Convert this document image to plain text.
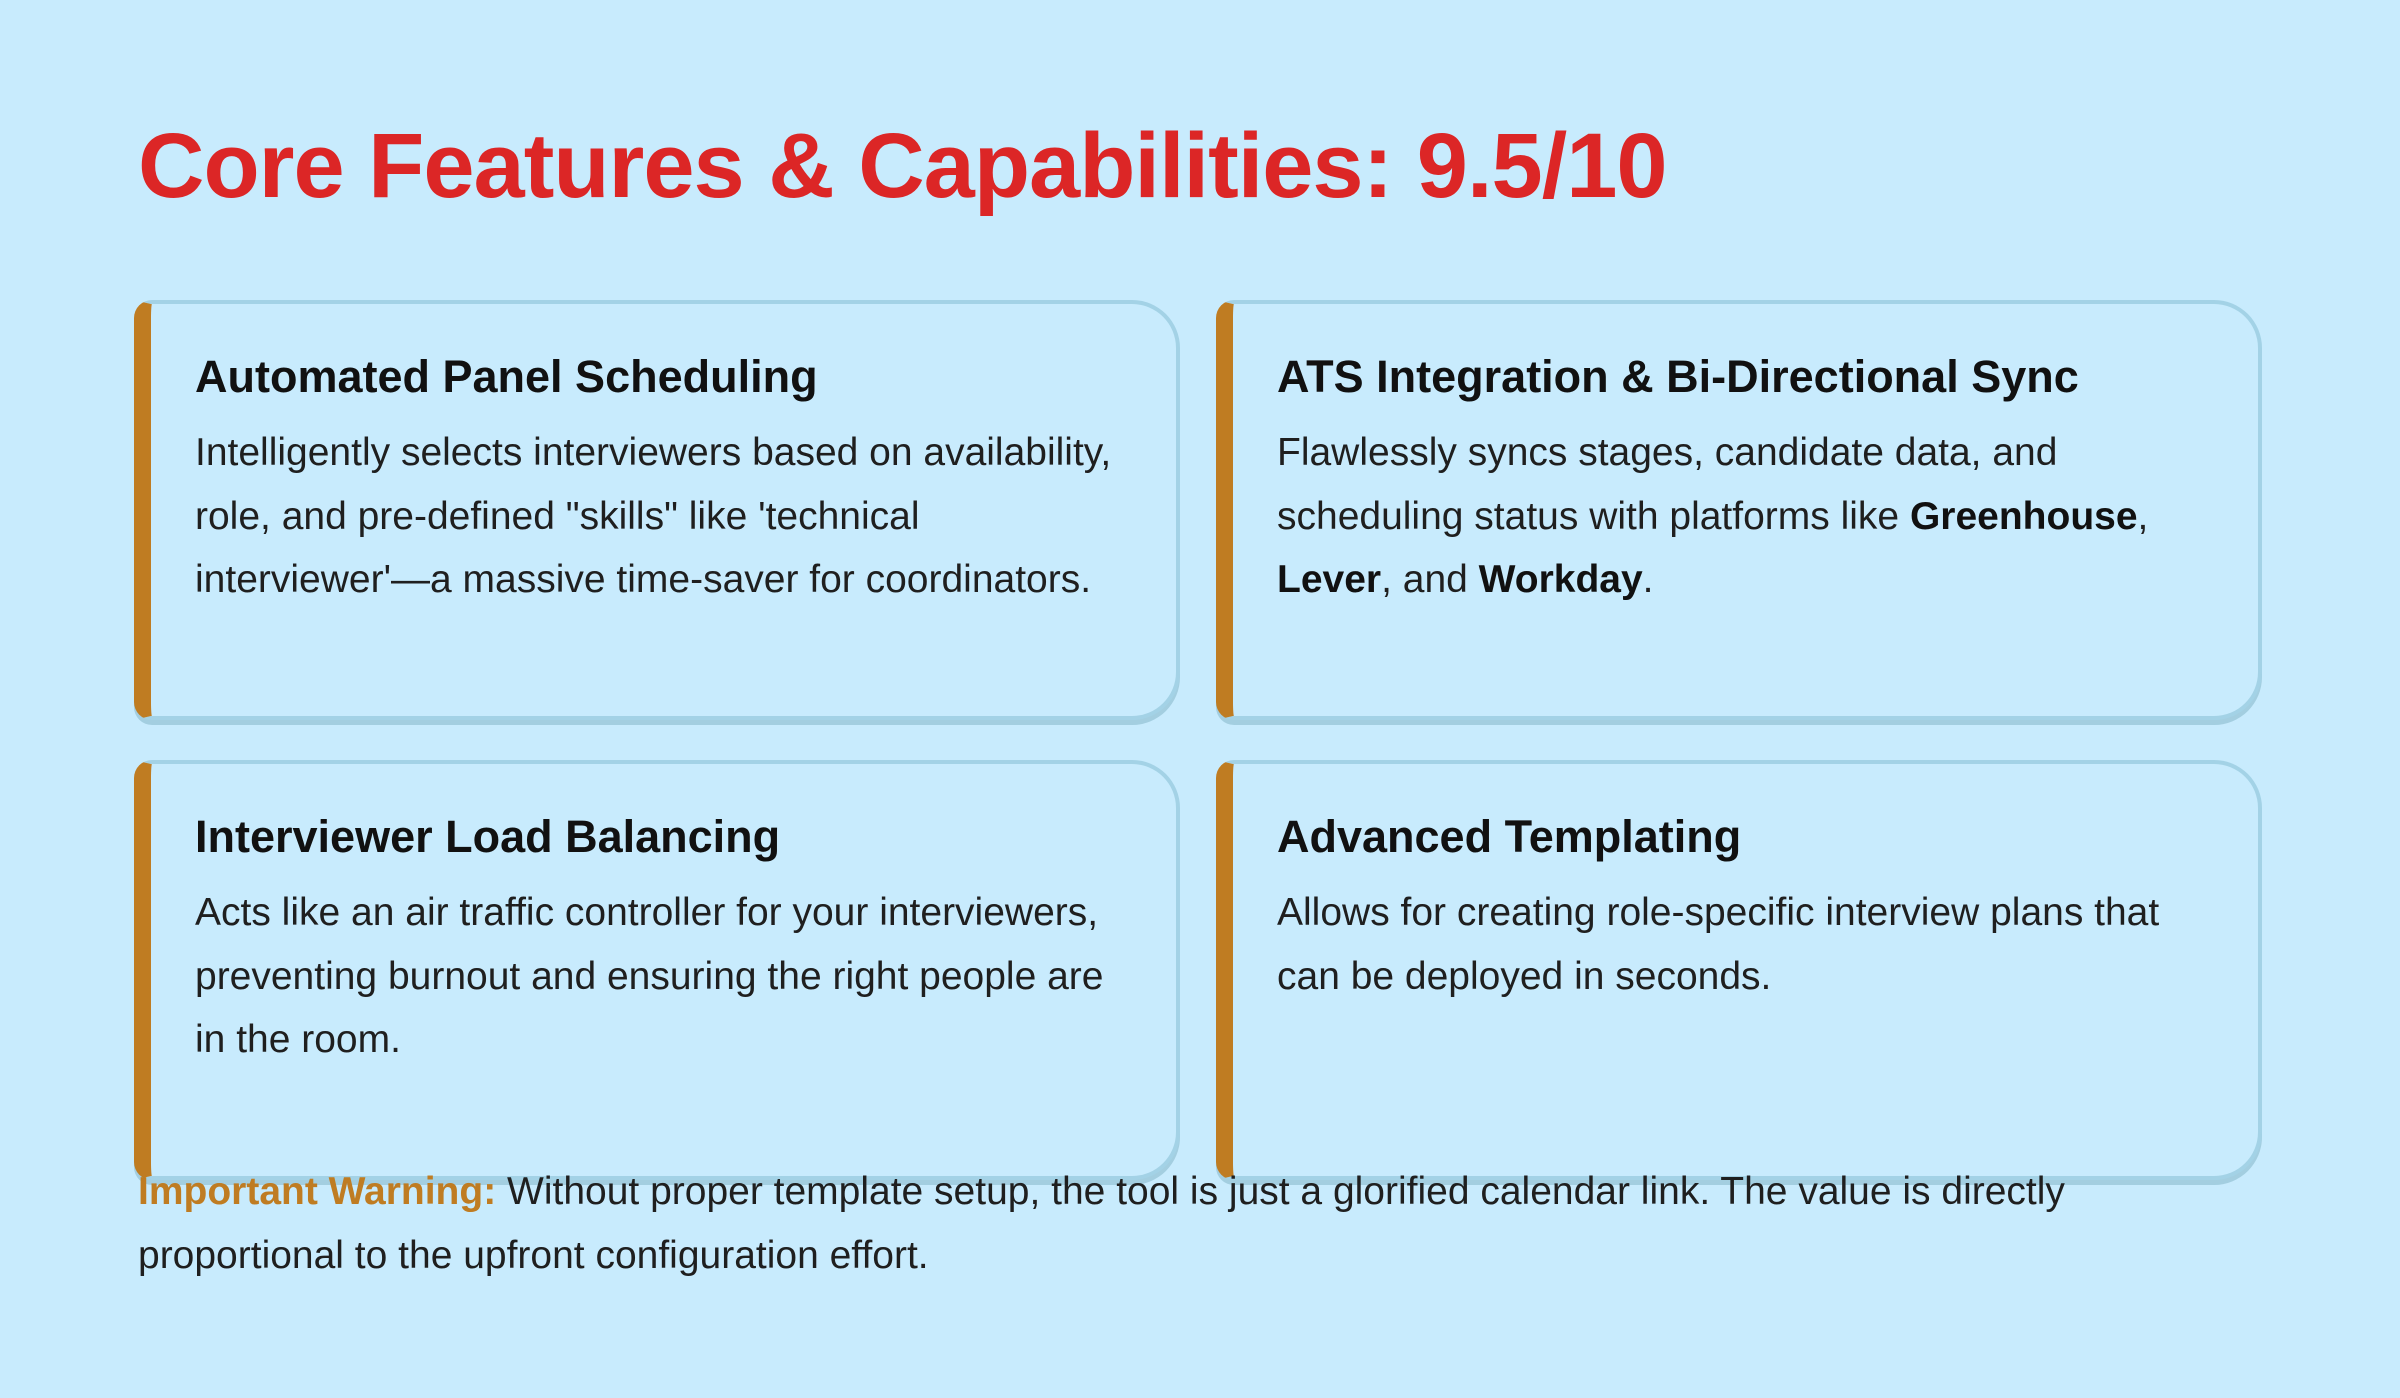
Core Features & Capabilities: 9.5/10
Automated Panel Scheduling

Intelligently selects interviewers based on availability, role, and pre-defined "skills" like 'technical interviewer'—a massive time-saver for coordinators.

ATS Integration & Bi-Directional Sync

Flawlessly syncs stages, candidate data, and scheduling status with platforms like Greenhouse, Lever, and Workday.

Interviewer Load Balancing

Acts like an air traffic controller for your interviewers, preventing burnout and ensuring the right people are in the room.

Advanced Templating

Allows for creating role-specific interview plans that can be deployed in seconds.

Important Warning: Without proper template setup, the tool is just a glorified calendar link. The value is directly proportional to the upfront configuration effort.
